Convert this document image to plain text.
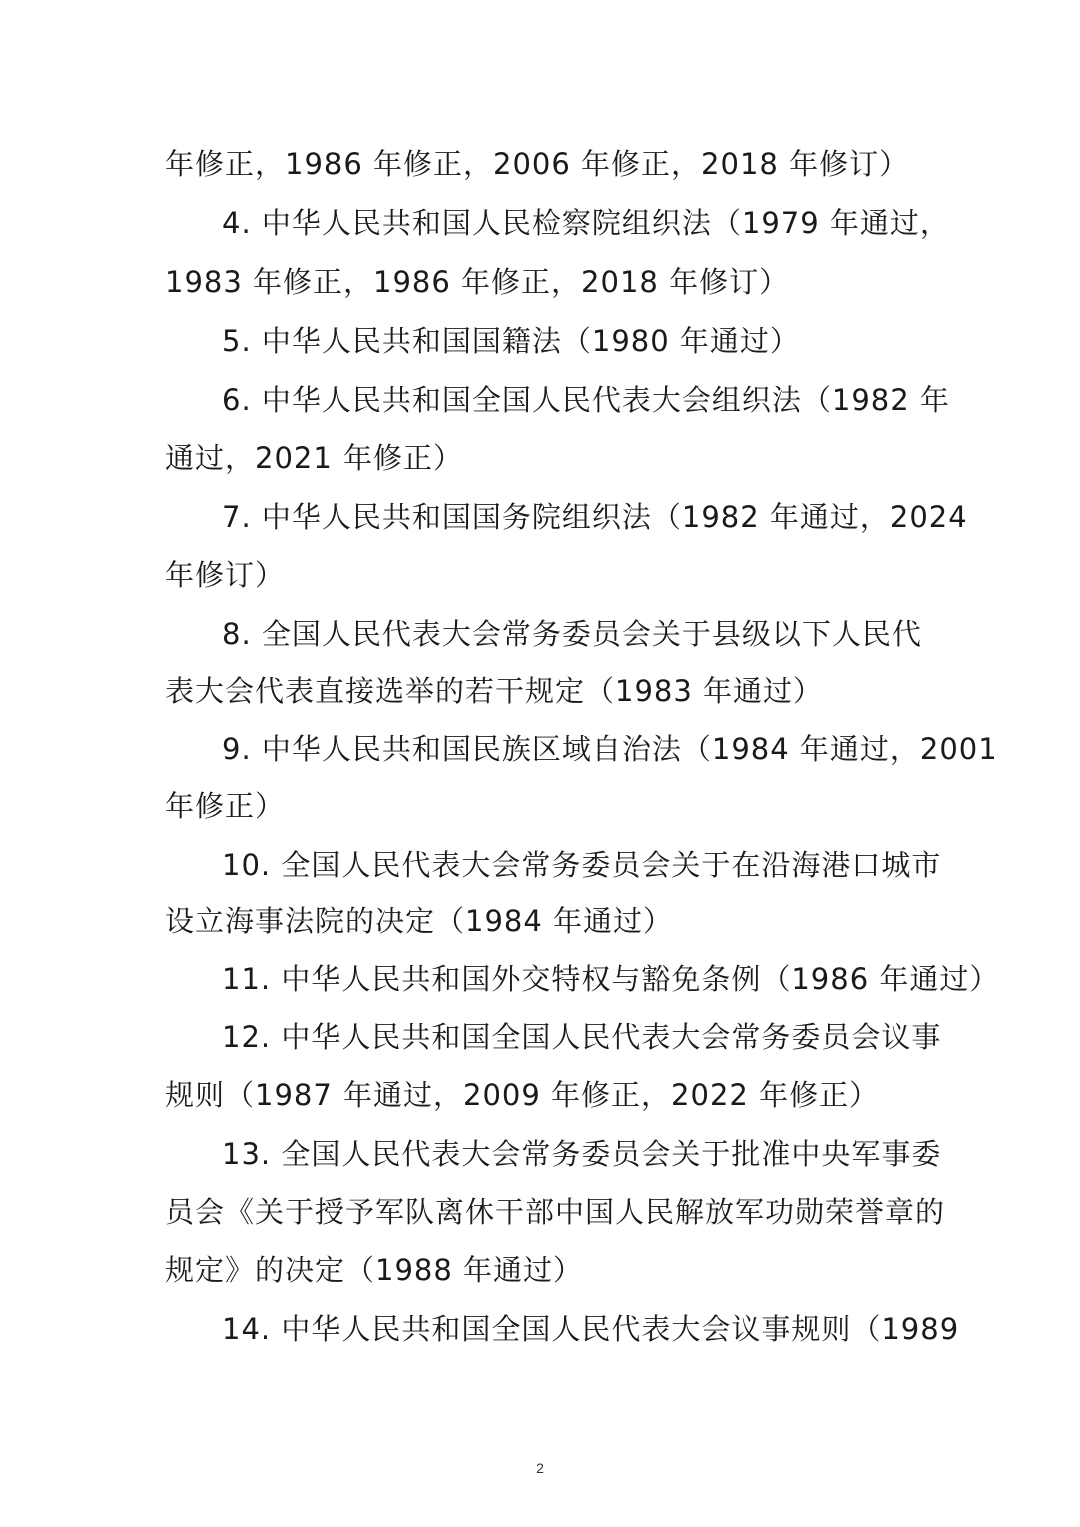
年修正，1986 年修正，2006 年修正，2018 年修订）
4. 中华人民共和国人民检察院组织法（1979 年通过，
1983 年修正，1986 年修正，2018 年修订）
5. 中华人民共和国国籍法（1980 年通过）
6. 中华人民共和国全国人民代表大会组织法（1982 年
通过，2021 年修正）
7. 中华人民共和国国务院组织法（1982 年通过，2024
年修订）
8. 全国人民代表大会常务委员会关于县级以下人民代
表大会代表直接选举的若干规定（1983 年通过）
9. 中华人民共和国民族区域自治法（1984 年通过，2001
年修正）
10. 全国人民代表大会常务委员会关于在沿海港口城市
设立海事法院的决定（1984 年通过）
11. 中华人民共和国外交特权与豁免条例（1986 年通过）
12. 中华人民共和国全国人民代表大会常务委员会议事
规则（1987 年通过，2009 年修正，2022 年修正）
13. 全国人民代表大会常务委员会关于批准中央军事委
员会《关于授予军队离休干部中国人民解放军功勋荣誉章的
规定》的决定（1988 年通过）
14. 中华人民共和国全国人民代表大会议事规则（1989
2
